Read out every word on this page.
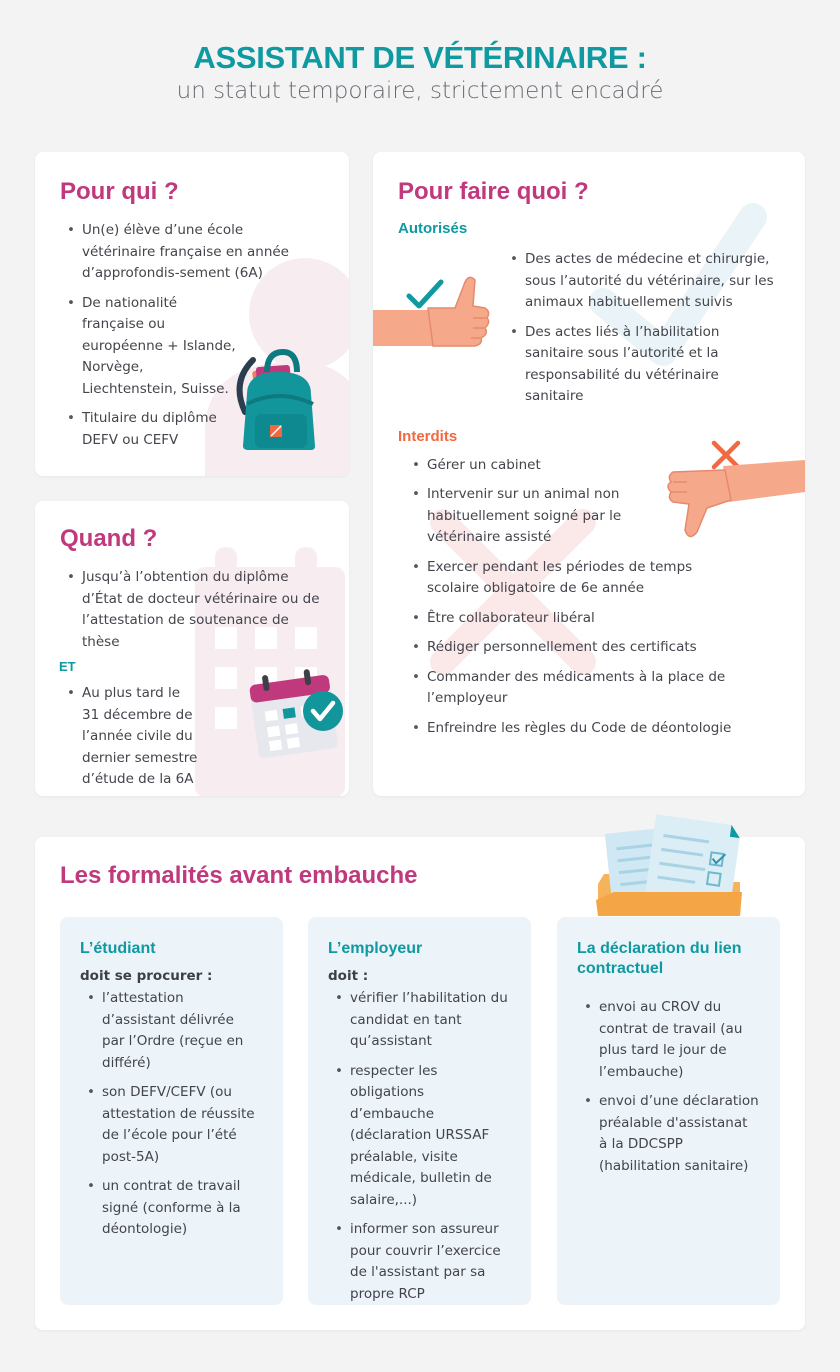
ASSISTANT DE VÉTÉRINAIRE :
un statut temporaire, strictement encadré
Pour qui ?
• Un(e) élève d’une école vétérinaire française en année d’approfondis-sement (6A)
• De nationalité française ou européenne + Islande, Norvège, Liechtenstein, Suisse.
• Titulaire du diplôme DEFV ou CEFV
Quand ?
• Jusqu’à l’obtention du diplôme d’État de docteur vétérinaire ou de l’attestation de soutenance de thèse
ET
• Au plus tard le 31 décembre de l’année civile du dernier semestre d’étude de la 6A
Pour faire quoi ?
Autorisés
• Des actes de médecine et chirurgie, sous l’autorité du vétérinaire, sur les animaux habituellement suivis
• Des actes liés à l’habilitation sanitaire sous l’autorité et la responsabilité du vétérinaire sanitaire
Interdits
• Gérer un cabinet
• Intervenir sur un animal non habituellement soigné par le vétérinaire assisté
• Exercer pendant les périodes de temps scolaire obligatoire de 6e année
• Être collaborateur libéral
• Rédiger personnellement des certificats
• Commander des médicaments à la place de l’employeur
• Enfreindre les règles du Code de déontologie
Les formalités avant embauche
L’étudiant
doit se procurer :
• l’attestation d’assistant délivrée par l’Ordre (reçue en différé)
• son DEFV/CEFV (ou attestation de réussite de l’école pour l’été post-5A)
• un contrat de travail signé (conforme à la déontologie)
L’employeur
doit :
• vérifier l’habilitation du candidat en tant qu’assistant
• respecter les obligations d’embauche (déclaration URSSAF préalable, visite médicale, bulletin de salaire,...)
• informer son assureur pour couvrir l’exercice de l'assistant par sa propre RCP
La déclaration du lien contractuel
• envoi au CROV du contrat de travail (au plus tard le jour de l’embauche)
• envoi d’une déclaration préalable d'assistanat à la DDCSPP (habilitation sanitaire)
